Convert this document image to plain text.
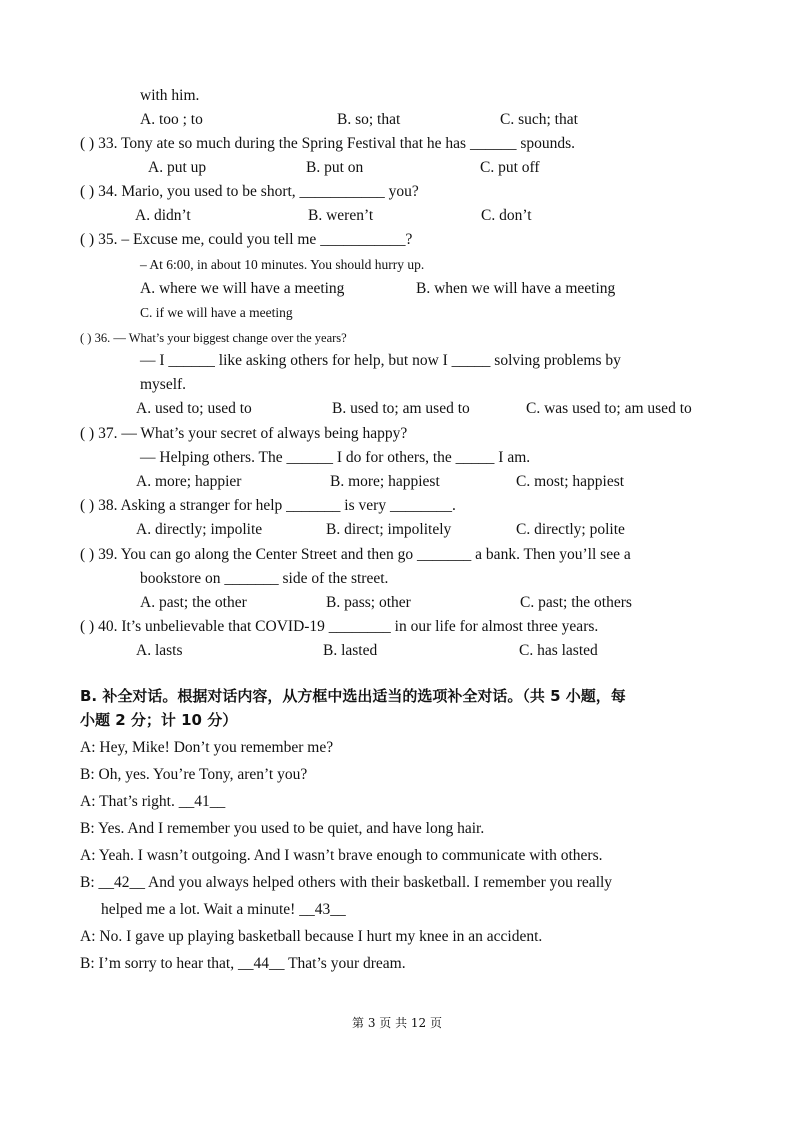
with him.
A. too ; to	B. so; that	C. such; that
( ) 33. Tony ate so much during the Spring Festival that he has ______ spounds.
A. put up	B. put on	C. put off
( ) 34. Mario, you used to be short, ___________ you?
A. didn’t	B. weren’t	C. don’t
( ) 35. – Excuse me, could you tell me ___________?
– At 6:00, in about 10 minutes. You should hurry up.
A. where we will have a meeting	B. when we will have a meeting
C. if we will have a meeting
( ) 36. — What’s your biggest change over the years?
— I ______ like asking others for help, but now I _____ solving problems by
myself.
A. used to; used to	B. used to; am used to	C. was used to; am used to
( ) 37. — What’s your secret of always being happy?
— Helping others. The ______ I do for others, the _____ I am.
A. more; happier	B. more; happiest	C. most; happiest
( ) 38. Asking a stranger for help _______ is very ________.
A. directly; impolite	B. direct; impolitely	C. directly; polite
( ) 39. You can go along the Center Street and then go _______ a bank. Then you’ll see a
bookstore on _______ side of the street.
A. past; the other	B. pass; other	C. past; the others
( ) 40. It’s unbelievable that COVID-19 ________ in our life for almost three years.
A. lasts	B. lasted	C. has lasted
B. 补全对话。根据对话内容，从方框中选出适当的选项补全对话。（共 5 小题，每
小题 2 分；计 10 分）
A: Hey, Mike! Don’t you remember me?
B: Oh, yes. You’re Tony, aren’t you?
A: That’s right. __41__
B: Yes. And I remember you used to be quiet, and have long hair.
A: Yeah. I wasn’t outgoing. And I wasn’t brave enough to communicate with others.
B: __42__ And you always helped others with their basketball. I remember you really
helped me a lot. Wait a minute! __43__
A: No. I gave up playing basketball because I hurt my knee in an accident.
B: I’m sorry to hear that, __44__ That’s your dream.
第 3 页 共 12 页
